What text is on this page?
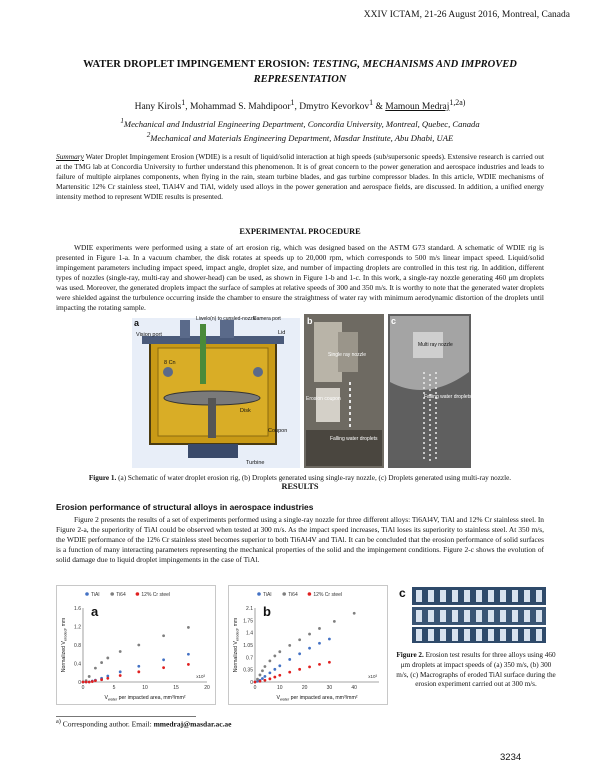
XXIV ICTAM, 21-26 August 2016, Montreal, Canada
WATER DROPLET IMPINGEMENT EROSION: TESTING, MECHANISMS AND IMPROVED REPRESENTATION
Hany Kirols$^1$, Mohammad S. Mahdipoor$^1$, Dmytro Kevorkov$^1$ & Mamoun Medraj$^{1,2a)}$
$^1$Mechanical and Industrial Engineering Department, Concordia University, Montreal, Quebec, Canada
$^2$Mechanical and Materials Engineering Department, Masdar Institute, Abu Dhabi, UAE
Summary Water Droplet Impingement Erosion (WDIE) is a result of liquid/solid interaction at high speeds (sub/supersonic speeds). Extensive research is carried out at the TMG lab at Concordia University to further understand this phenomenon. It is of great concern to the power generation and aerospace industries and leads to failure of multiple airplanes components, when flying in the rain, steam turbine blades, and gas turbine compressor blades. In this article, WDIE mechanisms of Martensitic 12% Cr stainless steel, TiAl4V and TiAl, widely used alloys in the power generation and aerospace fields, are discussed. In addition, a unified energy intensity method to represent WDIE results is presented.
EXPERIMENTAL PROCEDURE
WDIE experiments were performed using a state of art erosion rig, which was designed based on the ASTM G73 standard. A schematic of WDIE rig is presented in Figure 1-a. In a vacuum chamber, the disk rotates at speeds up to 20,000 rpm, which corresponds to 500 m/s linear impact speed. Liquid/solid impingement parameters including impact speed, impact angle, droplet size, and number of impacting droplets are controlled in this test rig. In addition, different types of nozzles (single-ray, multi-ray and shower-head) can be used, as shown in Figure 1-b and 1-c. In this work, a single-ray nozzle generating 460 μm droplets was used. Moreover, the generated droplets impact the surface of samples at relative speeds of 300 and 350 m/s. It is worthy to note that the generated water droplets were shielded against the turbulence occurring inside the chamber to ensure the straightness of water ray with minimum aerodynamic distortion of the droplets until impacting the rotating sample.
a
Vision port
Liwelo(n) to cunsled-nozzle
Camera port
Lid
8 Cn
Disk
Coupon
Turbine
b
Single ray nozzle
Erosion coupon
Falling water droplets
c
Multi ray nozzle
Falling water droplets
Figure 1. (a) Schematic of water droplet erosion rig, (b) Droplets generated using single-ray nozzle, (c) Droplets generated using multi-ray nozzle.
RESULTS
Erosion performance of structural alloys in aerospace industries
Figure 2 presents the results of a set of experiments performed using a single-ray nozzle for three different alloys: Ti6Al4V, TiAl and 12% Cr stainless steel. In Figure 2-a, the superiority of TiAl could be observed when tested at 300 m/s. As the impact speed increases, TiAl loses its superiority to stainless steel. At 350 m/s, the WDIE performance of the 12% Cr stainless steel becomes superior to both Ti6Al4V and TiAl. It can be concluded that the erosion performance of solid surfaces is a function of many interacting parameters representing the mechanical properties of the solid and the impingement conditions. Figure 2-c shows the evolution of solid damage due to liquid droplet impingements in the case of TiAl.
0
0.4
0.8
1.2
1.6
0	5	10	15	20
TiAl	Ti64	12% Cr steel
a
x10³
$V_{water}$ per impacted area, mm³/mm²
Normalized $V_{eroded}$, mm
0
0.35
0.7
1.05
1.4
1.75
2.1
0	10	20	30	40
TiAl	Ti64	12% Cr steel
b
x10³
$V_{water}$ per impacted area, mm³/mm²
Normalized $V_{eroded}$, mm
c
Figure 2. Erosion test results for three alloys using 460 μm droplets at impact speeds of (a) 350 m/s, (b) 300 m/s, (c) Macrographs of eroded TiAl surface during the erosion experiment carried out at 300 m/s.
$^{a)}$ Corresponding author. Email: mmedraj@masdar.ac.ae
3234
